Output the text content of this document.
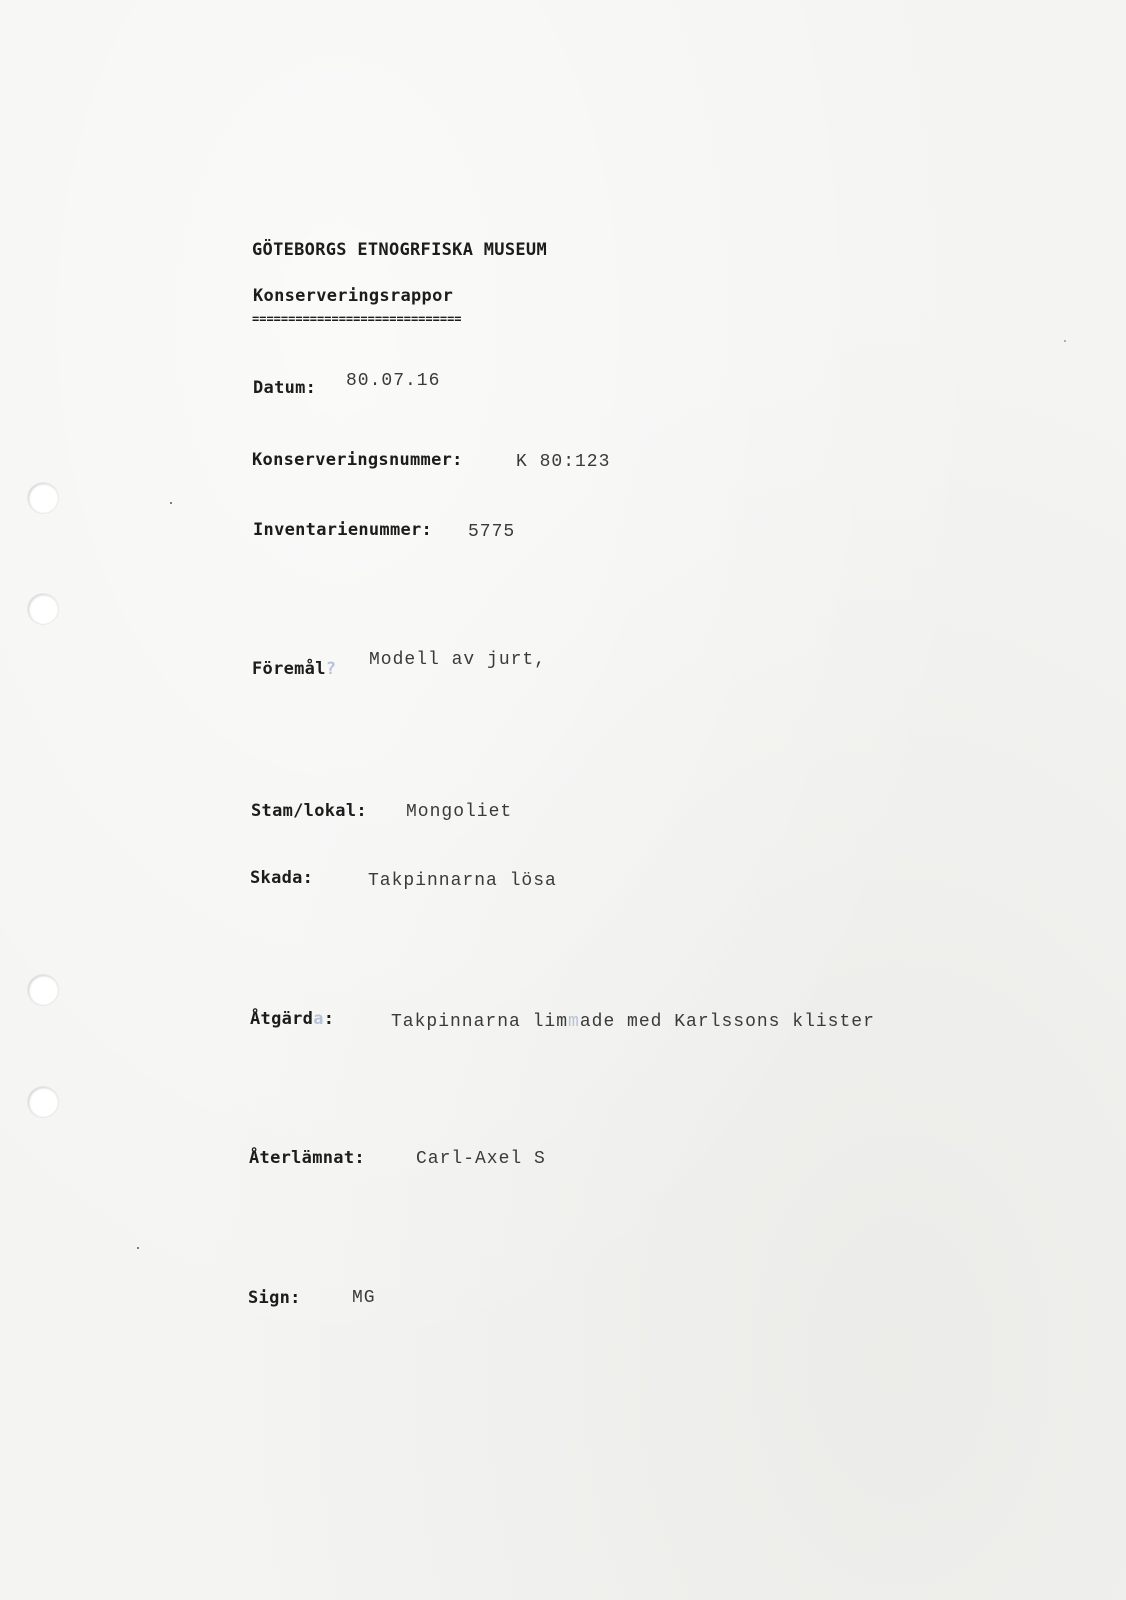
GÖTEBORGS ETNOGRFISKA MUSEUM
Konserveringsrappor
=============================
Datum: 80.07.16
Konserveringsnummer:	K 80:123
Inventarienummer: 5775
Föremål? Modell av jurt,
Stam/lokal: Mongoliet
Skada:	Takpinnarna lösa
Åtgärda:	Takpinnarna limmade med Karlssons klister
Återlämnat:	Carl-Axel S
Sign:	MG
